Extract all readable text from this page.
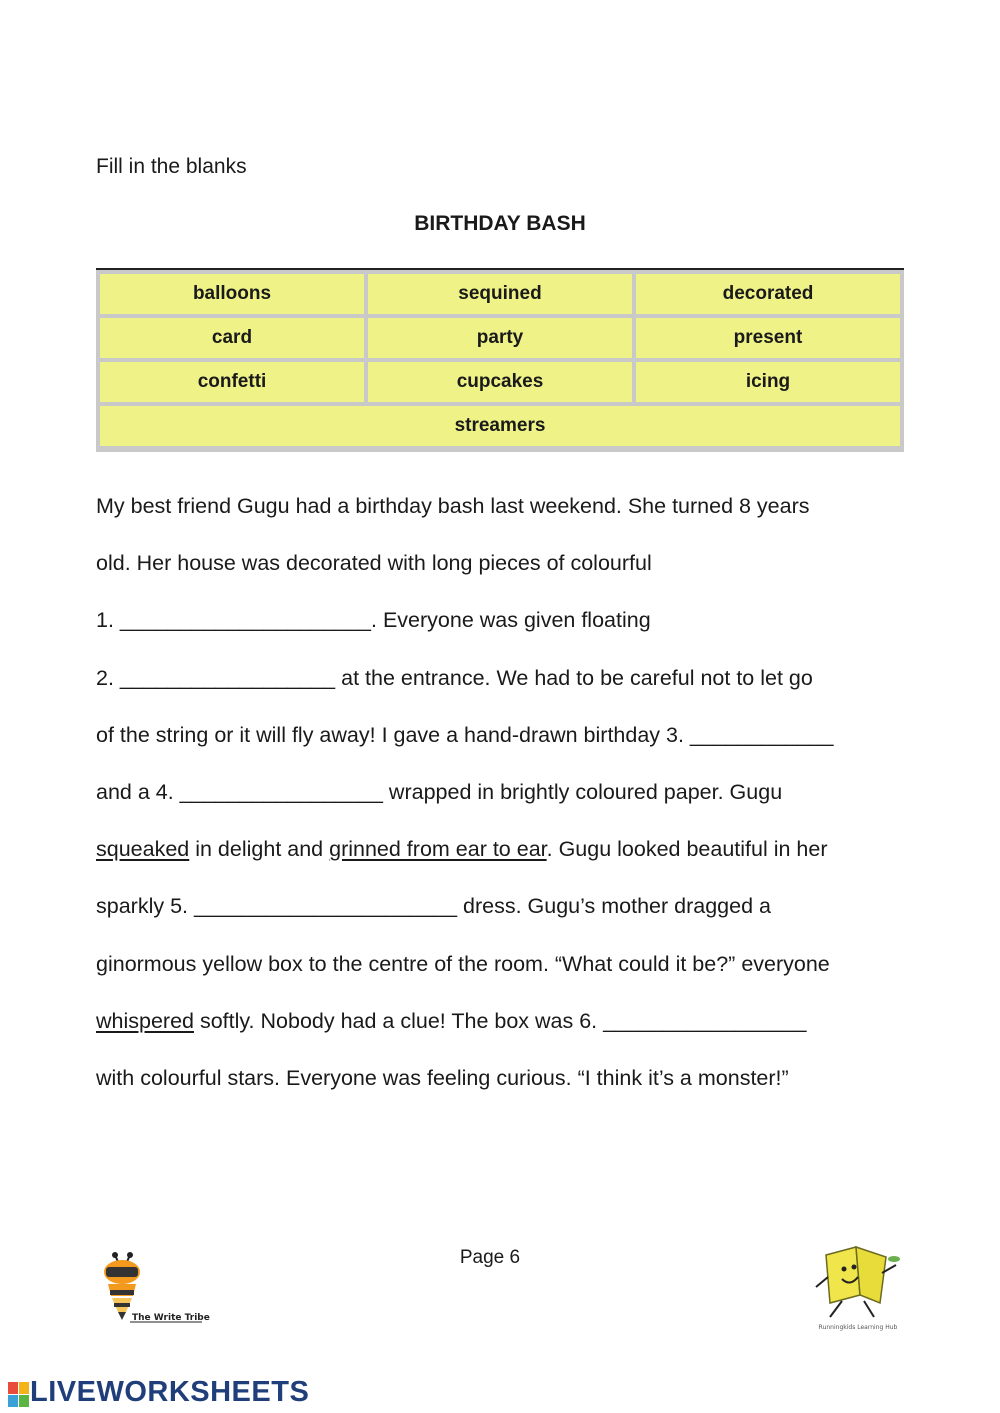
Fill in the blanks
BIRTHDAY BASH
balloons	sequined	decorated
card	party	present
confetti	cupcakes	icing
streamers
My best friend Gugu had a birthday bash last weekend. She turned 8 years
old. Her house was decorated with long pieces of colourful
1. _____________________. Everyone was given floating
2. __________________ at the entrance. We had to be careful not to let go
of the string or it will fly away! I gave a hand-drawn birthday 3. ____________
and a 4. _________________ wrapped in brightly coloured paper. Gugu
squeaked in delight and grinned from ear to ear. Gugu looked beautiful in her
sparkly 5. ______________________ dress. Gugu’s mother dragged a
ginormous yellow box to the centre of the room. “What could it be?” everyone
whispered softly. Nobody had a clue! The box was 6. _________________
with colourful stars. Everyone was feeling curious. “I think it’s a monster!”
Page 6
The Write Tribe
Runningkids Learning Hub
LIVEWORKSHEETS
